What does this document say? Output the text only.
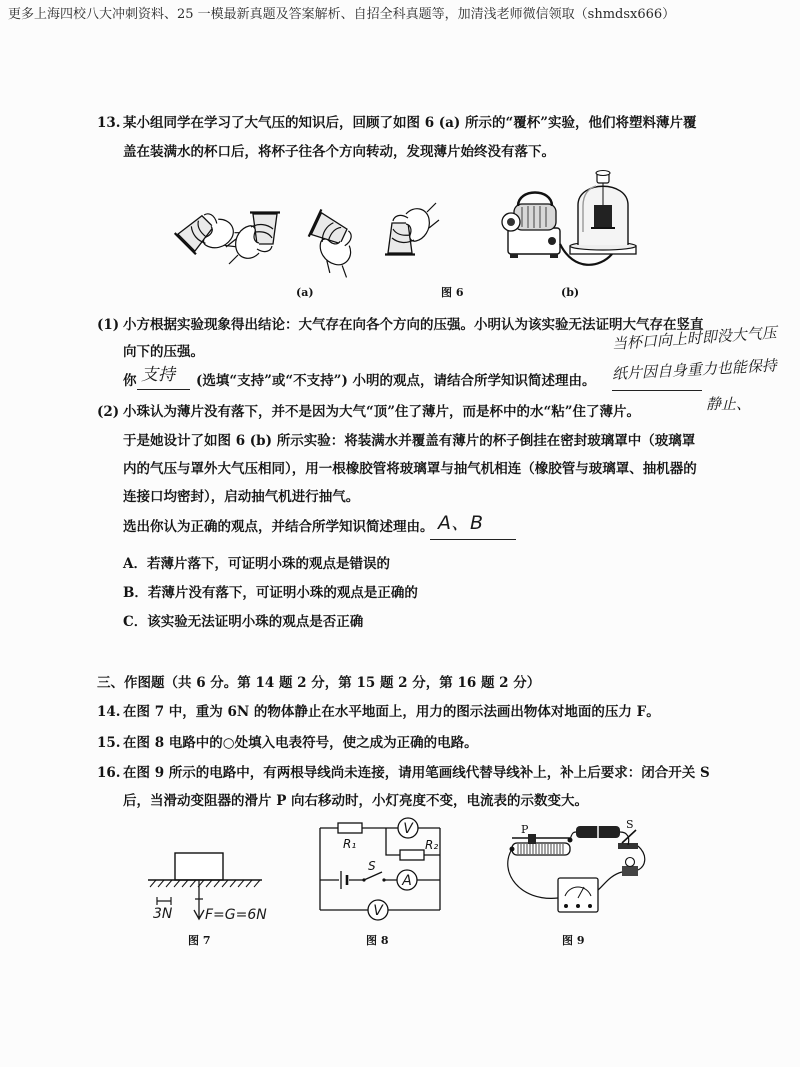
更多上海四校八大冲刺资料、25 一模最新真题及答案解析、自招全科真题等，加清浅老师微信领取（shmdsx666）
13. 某小组同学在学习了大气压的知识后，回顾了如图 6 (a) 所示的“覆杯”实验，他们将塑料薄片覆
盖在装满水的杯口后，将杯子往各个方向转动，发现薄片始终没有落下。
(a)	图 6	(b)
(1) 小方根据实验现象得出结论：大气存在向各个方向的压强。小明认为该实验无法证明大气存在竖直
向下的压强。
你 支持 (选填“支持”或“不支持”) 小明的观点，请结合所学知识简述理由。
当杯口向上时即没大气压
纸片因自身重力也能保持
静止、
(2) 小珠认为薄片没有落下，并不是因为大气“顶”住了薄片，而是杯中的水“粘”住了薄片。
于是她设计了如图 6 (b) 所示实验：将装满水并覆盖有薄片的杯子倒挂在密封玻璃罩中（玻璃罩
内的气压与罩外大气压相同），用一根橡胶管将玻璃罩与抽气机相连（橡胶管与玻璃罩、抽机器的
连接口均密封），启动抽气机进行抽气。
选出你认为正确的观点，并结合所学知识简述理由。 A、B
A．若薄片落下，可证明小珠的观点是错误的
B．若薄片没有落下，可证明小珠的观点是正确的
C．该实验无法证明小珠的观点是否正确
三、作图题（共 6 分。第 14 题 2 分，第 15 题 2 分，第 16 题 2 分）
14. 在图 7 中，重为 6N 的物体静止在水平地面上，用力的图示法画出物体对地面的压力 F。
15. 在图 8 电路中的○处填入电表符号，使之成为正确的电路。
16. 在图 9 所示的电路中，有两根导线尚未连接，请用笔画线代替导线补上，补上后要求：闭合开关 S
后，当滑动变阻器的滑片 P 向右移动时，小灯亮度不变，电流表的示数变大。
图 7	图 8	图 9
3N F=G=6N
R₁	R₂
V
S
A
V
P	S
